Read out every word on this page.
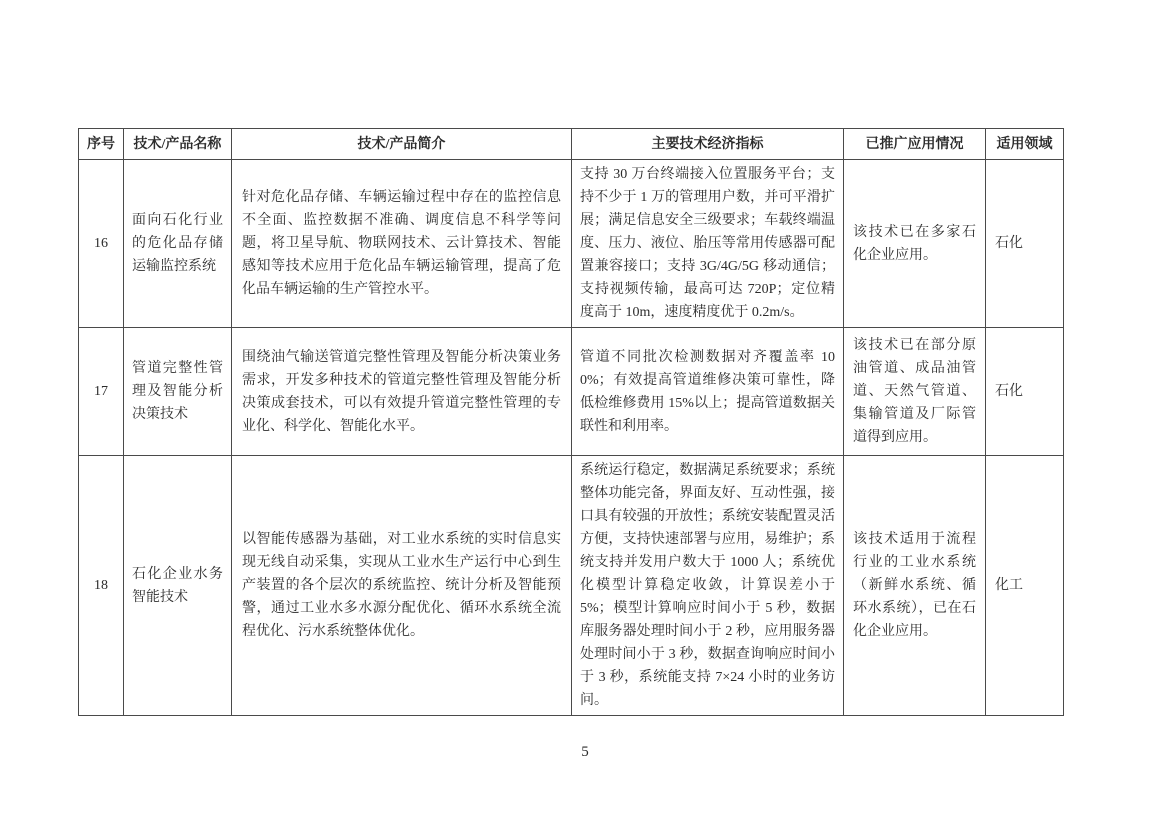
序号	技术/产品名称	技术/产品简介	主要技术经济指标	已推广应用情况	适用领域
16	面向石化行业的危化品存储运输监控系统	针对危化品存储、车辆运输过程中存在的监控信息不全面、监控数据不准确、调度信息不科学等问题，将卫星导航、物联网技术、云计算技术、智能感知等技术应用于危化品车辆运输管理，提高了危化品车辆运输的生产管控水平。	支持 30 万台终端接入位置服务平台；支持不少于 1 万的管理用户数，并可平滑扩展；满足信息安全三级要求；车载终端温度、压力、液位、胎压等常用传感器可配置兼容接口；支持 3G/4G/5G 移动通信；支持视频传输，最高可达 720P；定位精度高于 10m，速度精度优于 0.2m/s。	该技术已在多家石化企业应用。	石化
17	管道完整性管理及智能分析决策技术	围绕油气输送管道完整性管理及智能分析决策业务需求，开发多种技术的管道完整性管理及智能分析决策成套技术，可以有效提升管道完整性管理的专业化、科学化、智能化水平。	管道不同批次检测数据对齐覆盖率 100%；有效提高管道维修决策可靠性，降低检维修费用 15%以上；提高管道数据关联性和利用率。	该技术已在部分原油管道、成品油管道、天然气管道、集输管道及厂际管道得到应用。	石化
18	石化企业水务智能技术	以智能传感器为基础，对工业水系统的实时信息实现无线自动采集，实现从工业水生产运行中心到生产装置的各个层次的系统监控、统计分析及智能预警，通过工业水多水源分配优化、循环水系统全流程优化、污水系统整体优化。	系统运行稳定，数据满足系统要求；系统整体功能完备，界面友好、互动性强，接口具有较强的开放性；系统安装配置灵活方便，支持快速部署与应用，易维护；系统支持并发用户数大于 1000 人；系统优化模型计算稳定收敛，计算误差小于 5%；模型计算响应时间小于 5 秒，数据库服务器处理时间小于 2 秒，应用服务器处理时间小于 3 秒，数据查询响应时间小于 3 秒，系统能支持 7×24 小时的业务访问。	该技术适用于流程行业的工业水系统（新鲜水系统、循环水系统），已在石化企业应用。	化工
5
